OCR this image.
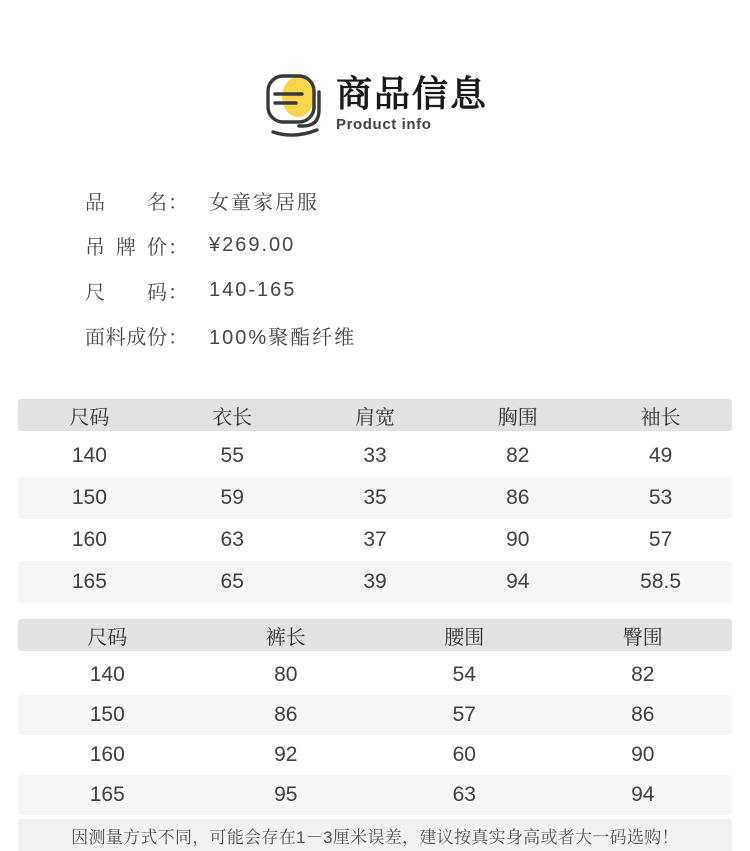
商品信息
Product info
品名 ： 女童家居服
吊牌价 ： ¥269.00
尺码 ： 140-165
面料成份 ： 100%聚酯纤维
尺码	衣长	肩宽	胸围	袖长
140	55	33	82	49
150	59	35	86	53
160	63	37	90	57
165	65	39	94	58.5
尺码	裤长	腰围	臀围
140	80	54	82
150	86	57	86
160	92	60	90
165	95	63	94
因测量方式不同，可能会存在1－3厘米误差，建议按真实身高或者大一码选购！
